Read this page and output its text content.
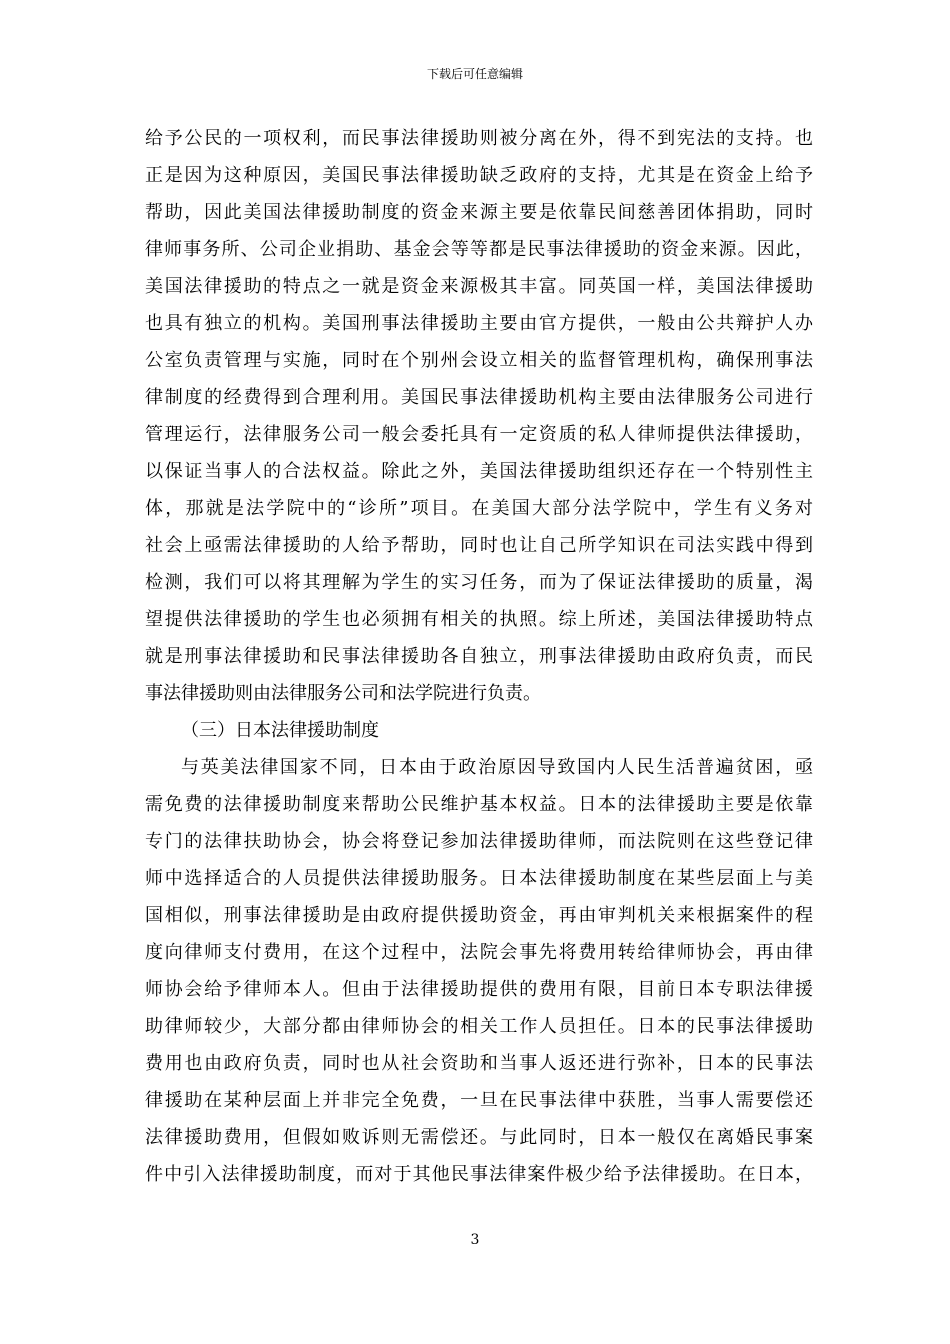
下载后可任意编辑
给予公民的一项权利，而民事法律援助则被分离在外，得不到宪法的支持。也
正是因为这种原因，美国民事法律援助缺乏政府的支持，尤其是在资金上给予
帮助，因此美国法律援助制度的资金来源主要是依靠民间慈善团体捐助，同时
律师事务所、公司企业捐助、基金会等等都是民事法律援助的资金来源。因此，
美国法律援助的特点之一就是资金来源极其丰富。同英国一样，美国法律援助
也具有独立的机构。美国刑事法律援助主要由官方提供，一般由公共辩护人办
公室负责管理与实施，同时在个别州会设立相关的监督管理机构，确保刑事法
律制度的经费得到合理利用。美国民事法律援助机构主要由法律服务公司进行
管理运行，法律服务公司一般会委托具有一定资质的私人律师提供法律援助，
以保证当事人的合法权益。除此之外，美国法律援助组织还存在一个特别性主
体，那就是法学院中的“诊所”项目。在美国大部分法学院中，学生有义务对
社会上亟需法律援助的人给予帮助，同时也让自己所学知识在司法实践中得到
检测，我们可以将其理解为学生的实习任务，而为了保证法律援助的质量，渴
望提供法律援助的学生也必须拥有相关的执照。综上所述，美国法律援助特点
就是刑事法律援助和民事法律援助各自独立，刑事法律援助由政府负责，而民
事法律援助则由法律服务公司和法学院进行负责。
（三）日本法律援助制度
与英美法律国家不同，日本由于政治原因导致国内人民生活普遍贫困，亟
需免费的法律援助制度来帮助公民维护基本权益。日本的法律援助主要是依靠
专门的法律扶助协会，协会将登记参加法律援助律师，而法院则在这些登记律
师中选择适合的人员提供法律援助服务。日本法律援助制度在某些层面上与美
国相似，刑事法律援助是由政府提供援助资金，再由审判机关来根据案件的程
度向律师支付费用，在这个过程中，法院会事先将费用转给律师协会，再由律
师协会给予律师本人。但由于法律援助提供的费用有限，目前日本专职法律援
助律师较少，大部分都由律师协会的相关工作人员担任。日本的民事法律援助
费用也由政府负责，同时也从社会资助和当事人返还进行弥补，日本的民事法
律援助在某种层面上并非完全免费，一旦在民事法律中获胜，当事人需要偿还
法律援助费用，但假如败诉则无需偿还。与此同时，日本一般仅在离婚民事案
件中引入法律援助制度，而对于其他民事法律案件极少给予法律援助。在日本，
3
